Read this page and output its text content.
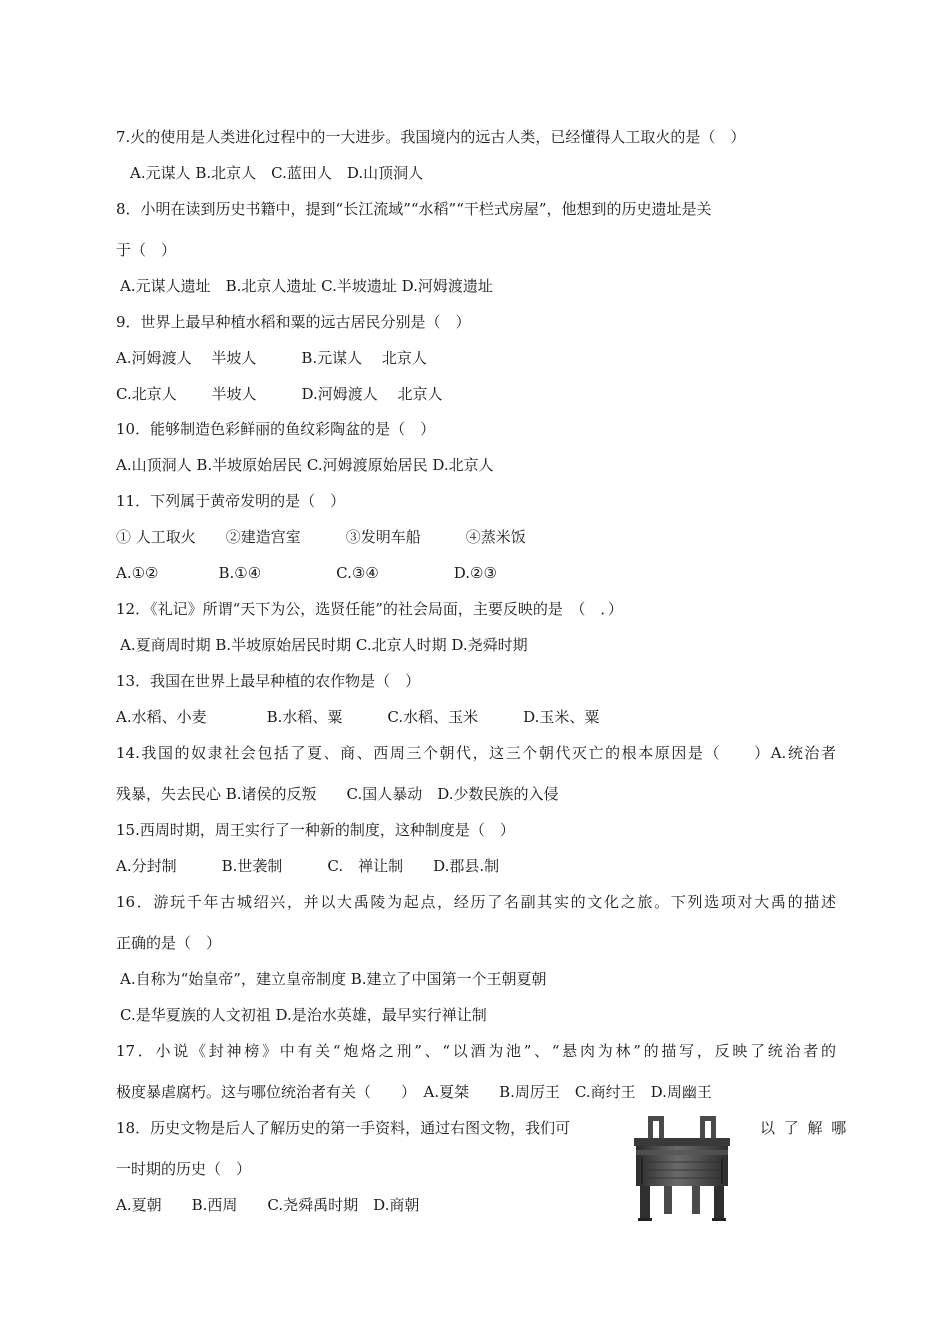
7.火的使用是人类进化过程中的一大进步。我国境内的远古人类，已经懂得人工取火的是（　）
A.元谋人 B.北京人　C.蓝田人　D.山顶洞人
8．小明在读到历史书籍中，提到“长江流域”“水稻”“干栏式房屋”，他想到的历史遗址是关
于（　）
A.元谋人遗址　B.北京人遗址 C.半坡遗址 D.河姆渡遗址
9．世界上最早种植水稻和粟的远古居民分别是（　）
A.河姆渡人　 半坡人　　　B.元谋人　 北京人
C.北京人　　 半坡人　　　D.河姆渡人　 北京人
10．能够制造色彩鲜丽的鱼纹彩陶盆的是（　）
A.山顶洞人 B.半坡原始居民 C.河姆渡原始居民 D.北京人
11．下列属于黄帝发明的是（　）
① 人工取火　　②建造宫室　　　③发明车船　　　④蒸米饭
A.①②　　　　B.①④　　　　　C.③④　　　　　D.②③
12．《礼记》所谓“天下为公，选贤任能”的社会局面，主要反映的是　（　．）
A.夏商周时期 B.半坡原始居民时期 C.北京人时期 D.尧舜时期
13．我国在世界上最早种植的农作物是（　）
A.水稻、小麦　　　　B.水稻、粟　　　C.水稻、玉米　　　D.玉米、粟
14.我国的奴隶社会包括了夏、商、西周三个朝代，这三个朝代灭亡的根本原因是（　　）A.统治者
残暴，失去民心 B.诸侯的反叛　　C.国人暴动　D.少数民族的入侵
15.西周时期，周王实行了一种新的制度，这种制度是（　）
A.分封制　　　B.世袭制　　　C.　禅让制　　D.郡县.制
16．游玩千年古城绍兴，并以大禹陵为起点，经历了名副其实的文化之旅。下列选项对大禹的描述
正确的是（　）
A.自称为“始皇帝”，建立皇帝制度 B.建立了中国第一个王朝夏朝
C.是华夏族的人文初祖 D.是治水英雄，最早实行禅让制
17．小说《封神榜》中有关“炮烙之刑”、“以酒为池”、“悬肉为林”的描写，反映了统治者的
极度暴虐腐朽。这与哪位统治者有关（　　）　A.夏桀　　B.周厉王　C.商纣王　D.周幽王
18．历史文物是后人了解历史的第一手资料，通过右图文物，我们可	以 了 解 哪
一时期的历史（　）
A.夏朝　　B.西周　　C.尧舜禹时期　D.商朝
